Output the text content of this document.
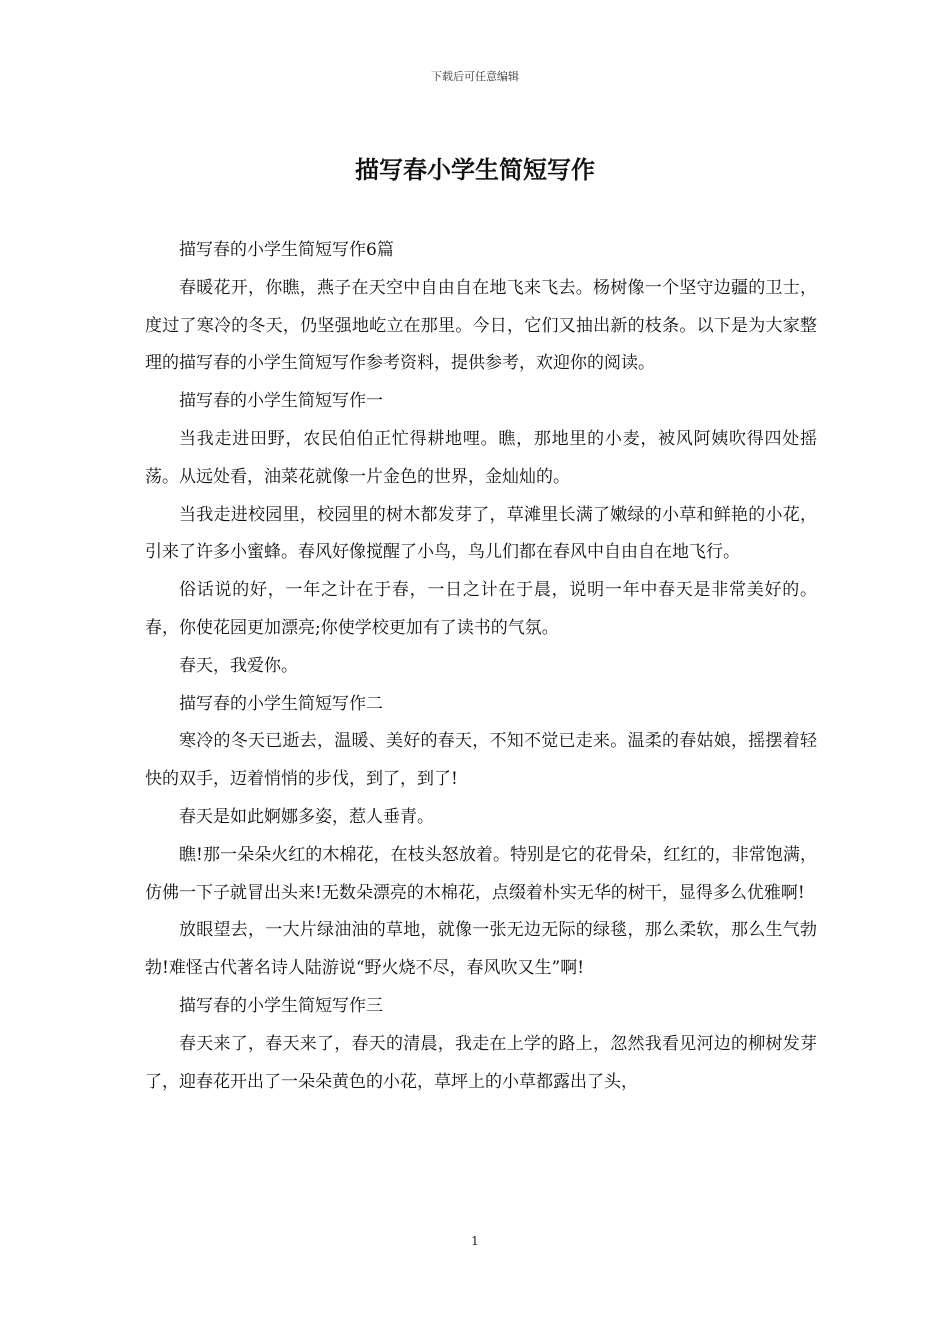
下载后可任意编辑
描写春小学生简短写作

描写春的小学生简短写作6篇

春暖花开，你瞧，燕子在天空中自由自在地飞来飞去。杨树像一个坚守边疆的卫士，度过了寒冷的冬天，仍坚强地屹立在那里。今日，它们又抽出新的枝条。以下是为大家整理的描写春的小学生简短写作参考资料，提供参考，欢迎你的阅读。

描写春的小学生简短写作一

当我走进田野，农民伯伯正忙得耕地哩。瞧，那地里的小麦，被风阿姨吹得四处摇荡。从远处看，油菜花就像一片金色的世界，金灿灿的。

当我走进校园里，校园里的树木都发芽了，草滩里长满了嫩绿的小草和鲜艳的小花，引来了许多小蜜蜂。春风好像搅醒了小鸟，鸟儿们都在春风中自由自在地飞行。

俗话说的好，一年之计在于春，一日之计在于晨，说明一年中春天是非常美好的。春，你使花园更加漂亮;你使学校更加有了读书的气氛。

春天，我爱你。

描写春的小学生简短写作二

寒冷的冬天已逝去，温暖、美好的春天，不知不觉已走来。温柔的春姑娘，摇摆着轻快的双手，迈着悄悄的步伐，到了，到了!

春天是如此婀娜多姿，惹人垂青。

瞧!那一朵朵火红的木棉花，在枝头怒放着。特别是它的花骨朵，红红的，非常饱满，仿佛一下子就冒出头来!无数朵漂亮的木棉花，点缀着朴实无华的树干，显得多么优雅啊!

放眼望去，一大片绿油油的草地，就像一张无边无际的绿毯，那么柔软，那么生气勃勃!难怪古代著名诗人陆游说“野火烧不尽，春风吹又生”啊!

描写春的小学生简短写作三

春天来了，春天来了，春天的清晨，我走在上学的路上，忽然我看见河边的柳树发芽了，迎春花开出了一朵朵黄色的小花，草坪上的小草都露出了头，

1
